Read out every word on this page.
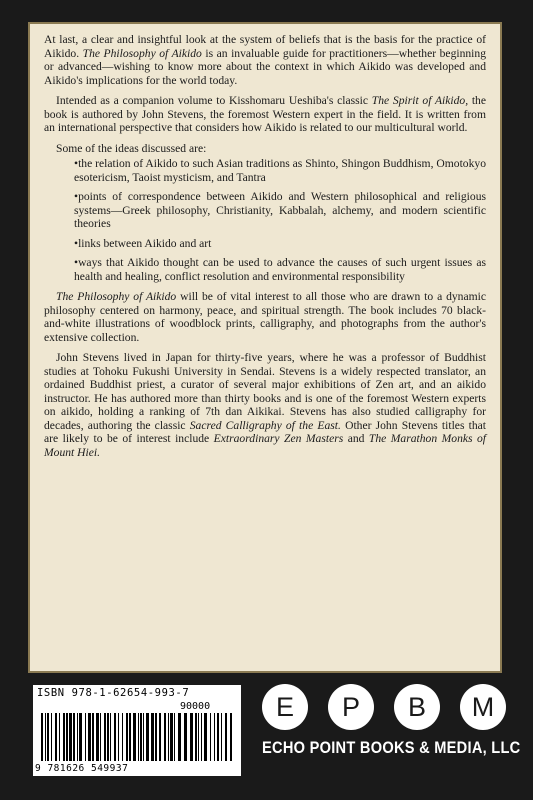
At last, a clear and insightful look at the system of beliefs that is the basis for the practice of Aikido. The Philosophy of Aikido is an invaluable guide for practitioners—whether beginning or advanced—wishing to know more about the context in which Aikido was developed and Aikido's implications for the world today.

Intended as a companion volume to Kisshomaru Ueshiba's classic The Spirit of Aikido, the book is authored by John Stevens, the foremost Western expert in the field. It is written from an international perspective that considers how Aikido is related to our multicultural world.

Some of the ideas discussed are:

• the relation of Aikido to such Asian traditions as Shinto, Shingon Buddhism, Omotokyo esotericism, Taoist mysticism, and Tantra
• points of correspondence between Aikido and Western philosophical and religious systems—Greek philosophy, Christianity, Kabbalah, alchemy, and modern scientific theories
• links between Aikido and art
• ways that Aikido thought can be used to advance the causes of such urgent issues as health and healing, conflict resolution and environmental responsibility

The Philosophy of Aikido will be of vital interest to all those who are drawn to a dynamic philosophy centered on harmony, peace, and spiritual strength. The book includes 70 black-and-white illustrations of woodblock prints, calligraphy, and photographs from the author's extensive collection.

John Stevens lived in Japan for thirty-five years, where he was a professor of Buddhist studies at Tohoku Fukushi University in Sendai. Stevens is a widely respected translator, an ordained Buddhist priest, a curator of several major exhibitions of Zen art, and an aikido instructor. He has authored more than thirty books and is one of the foremost Western experts on aikido, holding a ranking of 7th dan Aikikai. Stevens has also studied calligraphy for decades, authoring the classic Sacred Calligraphy of the East. Other John Stevens titles that are likely to be of interest include Extraordinary Zen Masters and The Marathon Monks of Mount Hiei.

ISBN 978-1-62654-993-7
90000
9 781626 549937
E	P	B	M
ECHO POINT BOOKS & MEDIA, LLC
